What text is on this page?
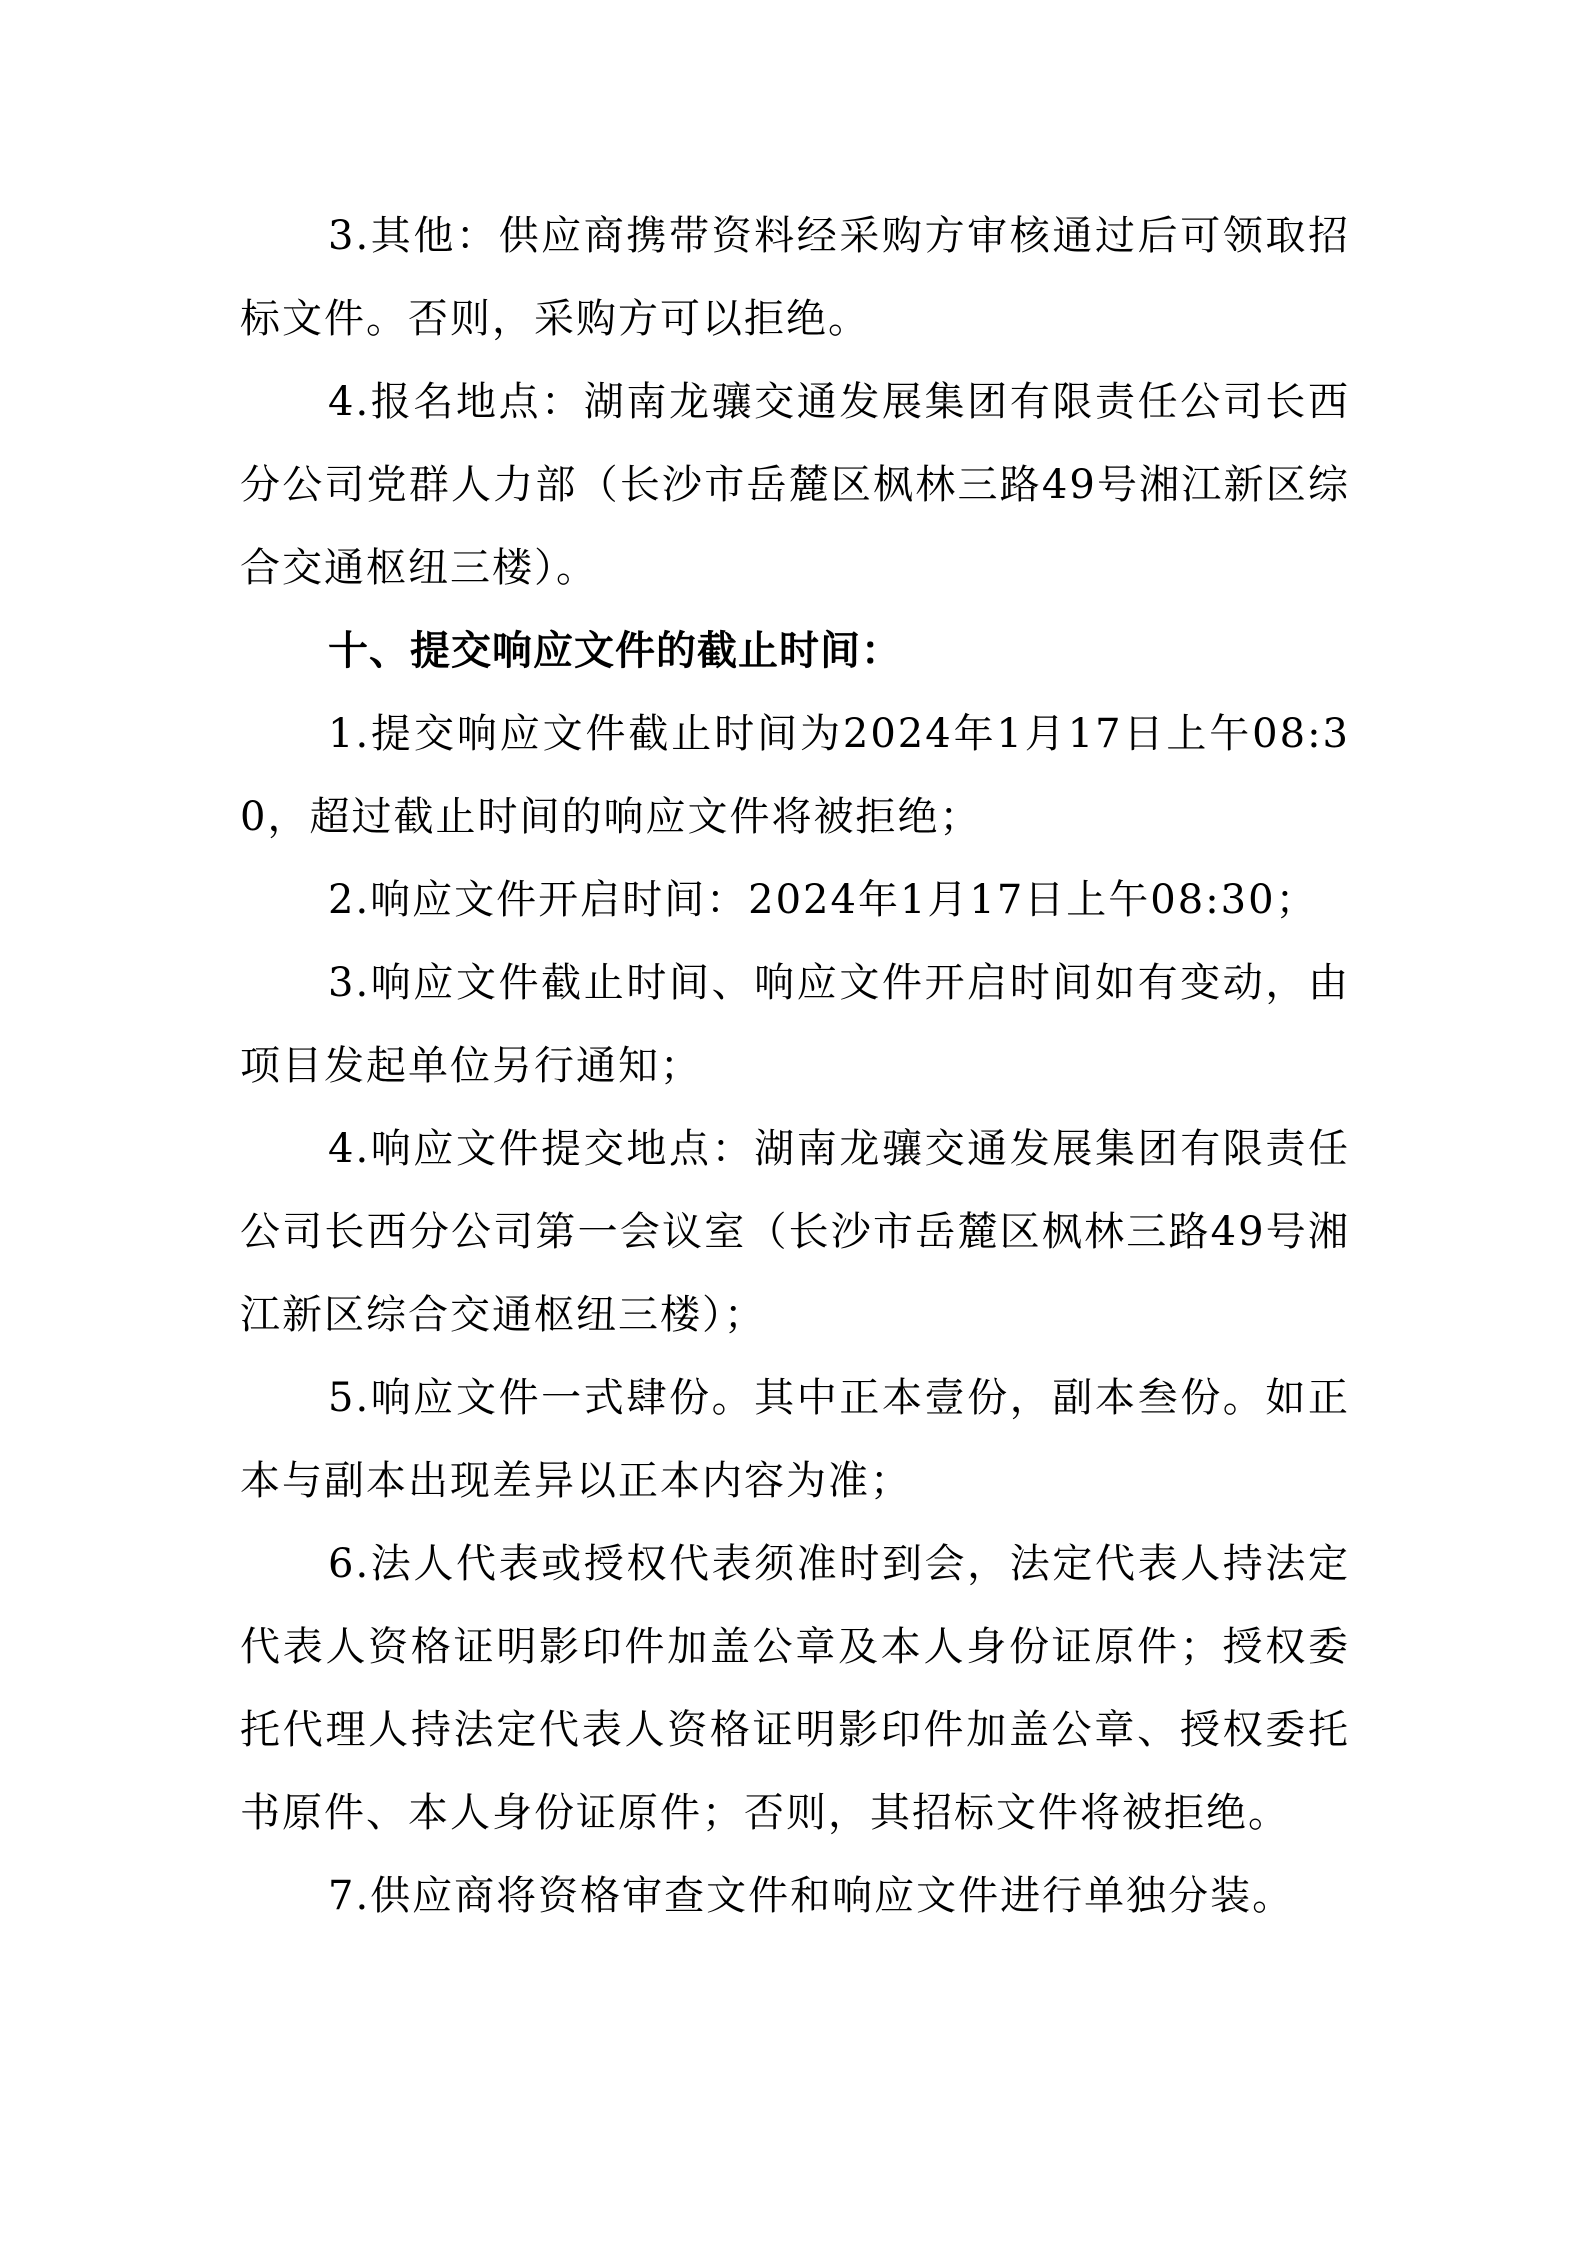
3.其他：供应商携带资料经采购方审核通过后可领取招标文件。否则，采购方可以拒绝。

4.报名地点：湖南龙骧交通发展集团有限责任公司长西分公司党群人力部（长沙市岳麓区枫林三路49号湘江新区综合交通枢纽三楼）。

十、提交响应文件的截止时间：

1.提交响应文件截止时间为2024年1月17日上午08:30，超过截止时间的响应文件将被拒绝；

2.响应文件开启时间：2024年1月17日上午08:30；

3.响应文件截止时间、响应文件开启时间如有变动，由项目发起单位另行通知；

4.响应文件提交地点：湖南龙骧交通发展集团有限责任公司长西分公司第一会议室（长沙市岳麓区枫林三路49号湘江新区综合交通枢纽三楼）；

5.响应文件一式肆份。其中正本壹份，副本叁份。如正本与副本出现差异以正本内容为准；

6.法人代表或授权代表须准时到会，法定代表人持法定代表人资格证明影印件加盖公章及本人身份证原件；授权委托代理人持法定代表人资格证明影印件加盖公章、授权委托书原件、本人身份证原件；否则，其招标文件将被拒绝。

7.供应商将资格审查文件和响应文件进行单独分装。
